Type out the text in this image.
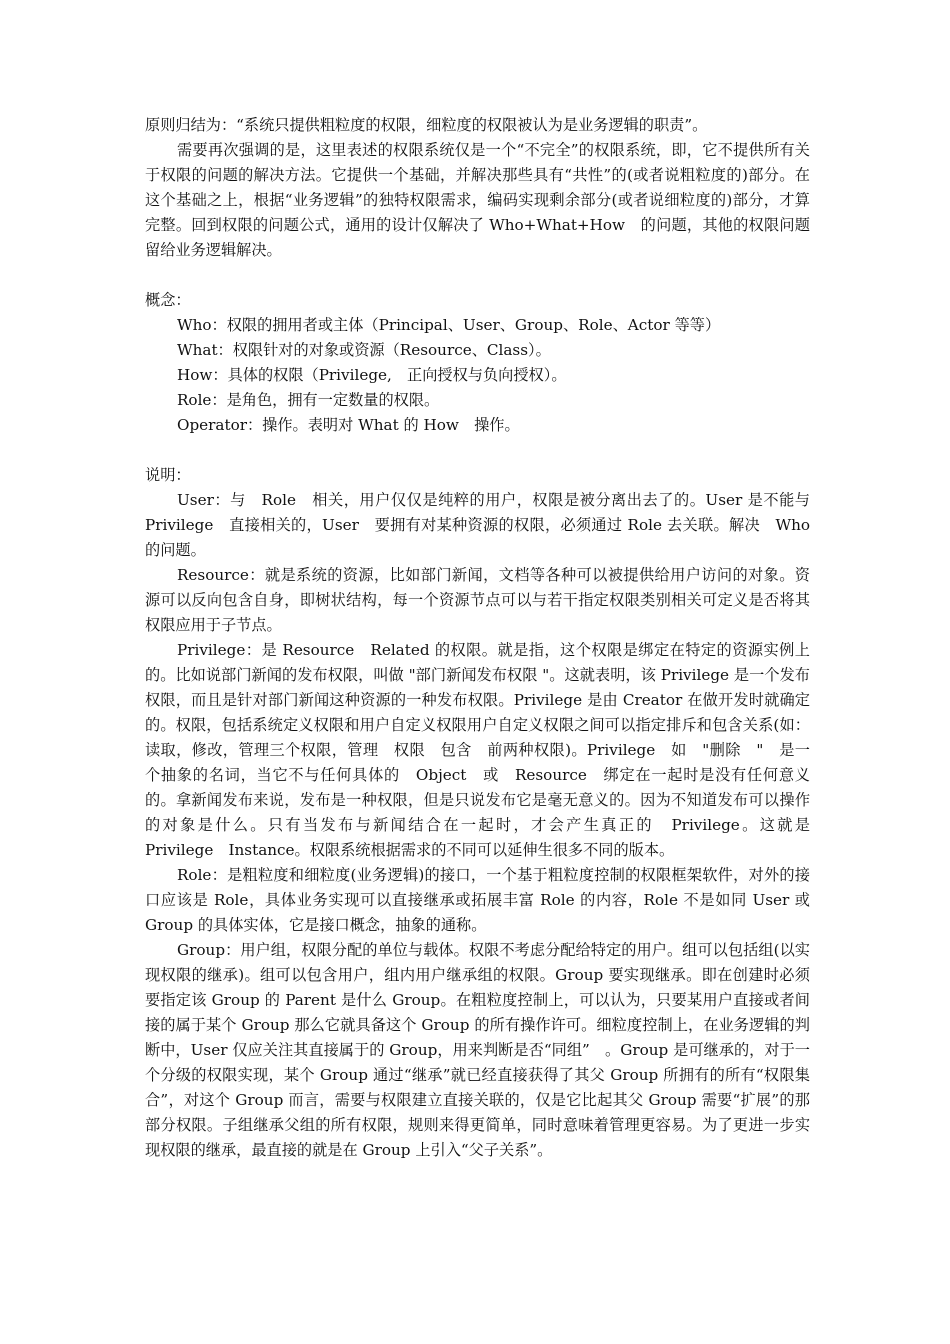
原则归结为：“系统只提供粗粒度的权限，细粒度的权限被认为是业务逻辑的职责”。

需要再次强调的是，这里表述的权限系统仅是一个“不完全”的权限系统，即，它不提供所有关于权限的问题的解决方法。它提供一个基础，并解决那些具有“共性”的(或者说粗粒度的)部分。在这个基础之上，根据“业务逻辑”的独特权限需求，编码实现剩余部分(或者说细粒度的)部分，才算完整。回到权限的问题公式，通用的设计仅解决了 Who+What+How　的问题，其他的权限问题留给业务逻辑解决。

概念：

Who：权限的拥用者或主体（Principal、User、Group、Role、Actor 等等）

What：权限针对的对象或资源（Resource、Class）。

How：具体的权限（Privilege,　正向授权与负向授权）。

Role：是角色，拥有一定数量的权限。

Operator：操作。表明对 What 的 How　操作。

说明：

User：与　Role　相关，用户仅仅是纯粹的用户，权限是被分离出去了的。User 是不能与　Privilege　直接相关的，User　要拥有对某种资源的权限，必须通过 Role 去关联。解决　Who　的问题。

Resource：就是系统的资源，比如部门新闻，文档等各种可以被提供给用户访问的对象。资源可以反向包含自身，即树状结构，每一个资源节点可以与若干指定权限类别相关可定义是否将其权限应用于子节点。

Privilege：是 Resource　Related 的权限。就是指，这个权限是绑定在特定的资源实例上的。比如说部门新闻的发布权限，叫做 "部门新闻发布权限 "。这就表明，该 Privilege 是一个发布权限，而且是针对部门新闻这种资源的一种发布权限。Privilege 是由 Creator 在做开发时就确定的。权限，包括系统定义权限和用户自定义权限用户自定义权限之间可以指定排斥和包含关系(如：读取，修改，管理三个权限，管理　权限　包含　前两种权限)。Privilege　如　"删除　"　是一个抽象的名词，当它不与任何具体的　Object　或　Resource　绑定在一起时是没有任何意义的。拿新闻发布来说，发布是一种权限，但是只说发布它是毫无意义的。因为不知道发布可以操作的对象是什么。只有当发布与新闻结合在一起时，才会产生真正的　Privilege。这就是　Privilege　Instance。权限系统根据需求的不同可以延伸生很多不同的版本。

Role：是粗粒度和细粒度(业务逻辑)的接口，一个基于粗粒度控制的权限框架软件，对外的接口应该是 Role，具体业务实现可以直接继承或拓展丰富 Role 的内容，Role 不是如同 User 或 Group 的具体实体，它是接口概念，抽象的通称。

Group：用户组，权限分配的单位与载体。权限不考虑分配给特定的用户。组可以包括组(以实现权限的继承)。组可以包含用户，组内用户继承组的权限。Group 要实现继承。即在创建时必须要指定该 Group 的 Parent 是什么 Group。在粗粒度控制上，可以认为，只要某用户直接或者间接的属于某个 Group 那么它就具备这个 Group 的所有操作许可。细粒度控制上，在业务逻辑的判断中，User 仅应关注其直接属于的 Group，用来判断是否“同组”　。Group 是可继承的，对于一个分级的权限实现，某个 Group 通过“继承”就已经直接获得了其父 Group 所拥有的所有“权限集合”，对这个 Group 而言，需要与权限建立直接关联的，仅是它比起其父 Group 需要“扩展”的那部分权限。子组继承父组的所有权限，规则来得更简单，同时意味着管理更容易。为了更进一步实现权限的继承，最直接的就是在 Group 上引入“父子关系”。
